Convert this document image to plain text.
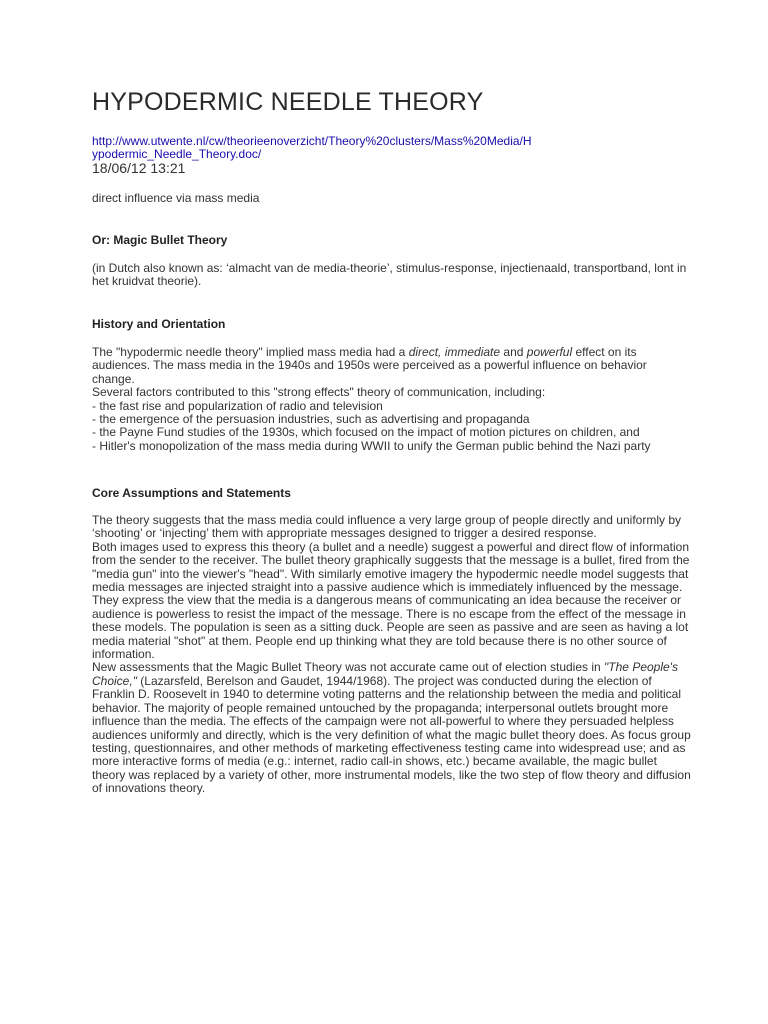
HYPODERMIC NEEDLE THEORY
http://www.utwente.nl/cw/theorieenoverzicht/Theory%20clusters/Mass%20Media/Hypodermic_Needle_Theory.doc/
18/06/12 13:21
direct influence via mass media
Or: Magic Bullet Theory
(in Dutch also known as: ‘almacht van de media-theorie’, stimulus-response, injectienaald, transportband, lont in het kruidvat theorie).
History and Orientation

The "hypodermic needle theory" implied mass media had a direct, immediate and powerful effect on its audiences. The mass media in the 1940s and 1950s were perceived as a powerful influence on behavior change.

Several factors contributed to this "strong effects" theory of communication, including:

- the fast rise and popularization of radio and television
- the emergence of the persuasion industries, such as advertising and propaganda
- the Payne Fund studies of the 1930s, which focused on the impact of motion pictures on children, and
- Hitler's monopolization of the mass media during WWII to unify the German public behind the Nazi party
Core Assumptions and Statements

The theory suggests that the mass media could influence a very large group of people directly and uniformly by ‘shooting’ or ‘injecting’ them with appropriate messages designed to trigger a desired response.

Both images used to express this theory (a bullet and a needle) suggest a powerful and direct flow of information from the sender to the receiver. The bullet theory graphically suggests that the message is a bullet, fired from the "media gun" into the viewer's "head". With similarly emotive imagery the hypodermic needle model suggests that media messages are injected straight into a passive audience which is immediately influenced by the message. They express the view that the media is a dangerous means of communicating an idea because the receiver or audience is powerless to resist the impact of the message. There is no escape from the effect of the message in these models. The population is seen as a sitting duck. People are seen as passive and are seen as having a lot media material "shot" at them. People end up thinking what they are told because there is no other source of information.

New assessments that the Magic Bullet Theory was not accurate came out of election studies in "The People's Choice," (Lazarsfeld, Berelson and Gaudet, 1944/1968). The project was conducted during the election of Franklin D. Roosevelt in 1940 to determine voting patterns and the relationship between the media and political behavior. The majority of people remained untouched by the propaganda; interpersonal outlets brought more influence than the media. The effects of the campaign were not all-powerful to where they persuaded helpless audiences uniformly and directly, which is the very definition of what the magic bullet theory does. As focus group testing, questionnaires, and other methods of marketing effectiveness testing came into widespread use; and as more interactive forms of media (e.g.: internet, radio call-in shows, etc.) became available, the magic bullet theory was replaced by a variety of other, more instrumental models, like the two step of flow theory and diffusion of innovations theory.
